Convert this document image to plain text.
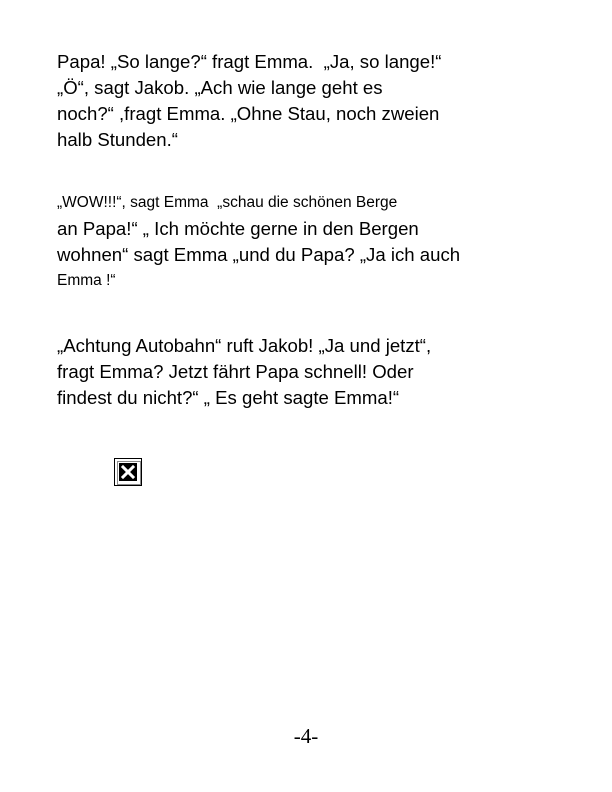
Papa! „So lange?“ fragt Emma.  „Ja, so lange!“
„Ö“, sagt Jakob. „Ach wie lange geht es
noch?“ ,fragt Emma. „Ohne Stau, noch zweien
halb Stunden.“
„WOW!!!“, sagt Emma  „schau die schönen Berge
an Papa!“ „ Ich möchte gerne in den Bergen
wohnen“ sagt Emma „und du Papa? „Ja ich auch
Emma !“
„Achtung Autobahn“ ruft Jakob! „Ja und jetzt“,
fragt Emma? Jetzt fährt Papa schnell! Oder
findest du nicht?“ „ Es geht sagte Emma!“
-4-
